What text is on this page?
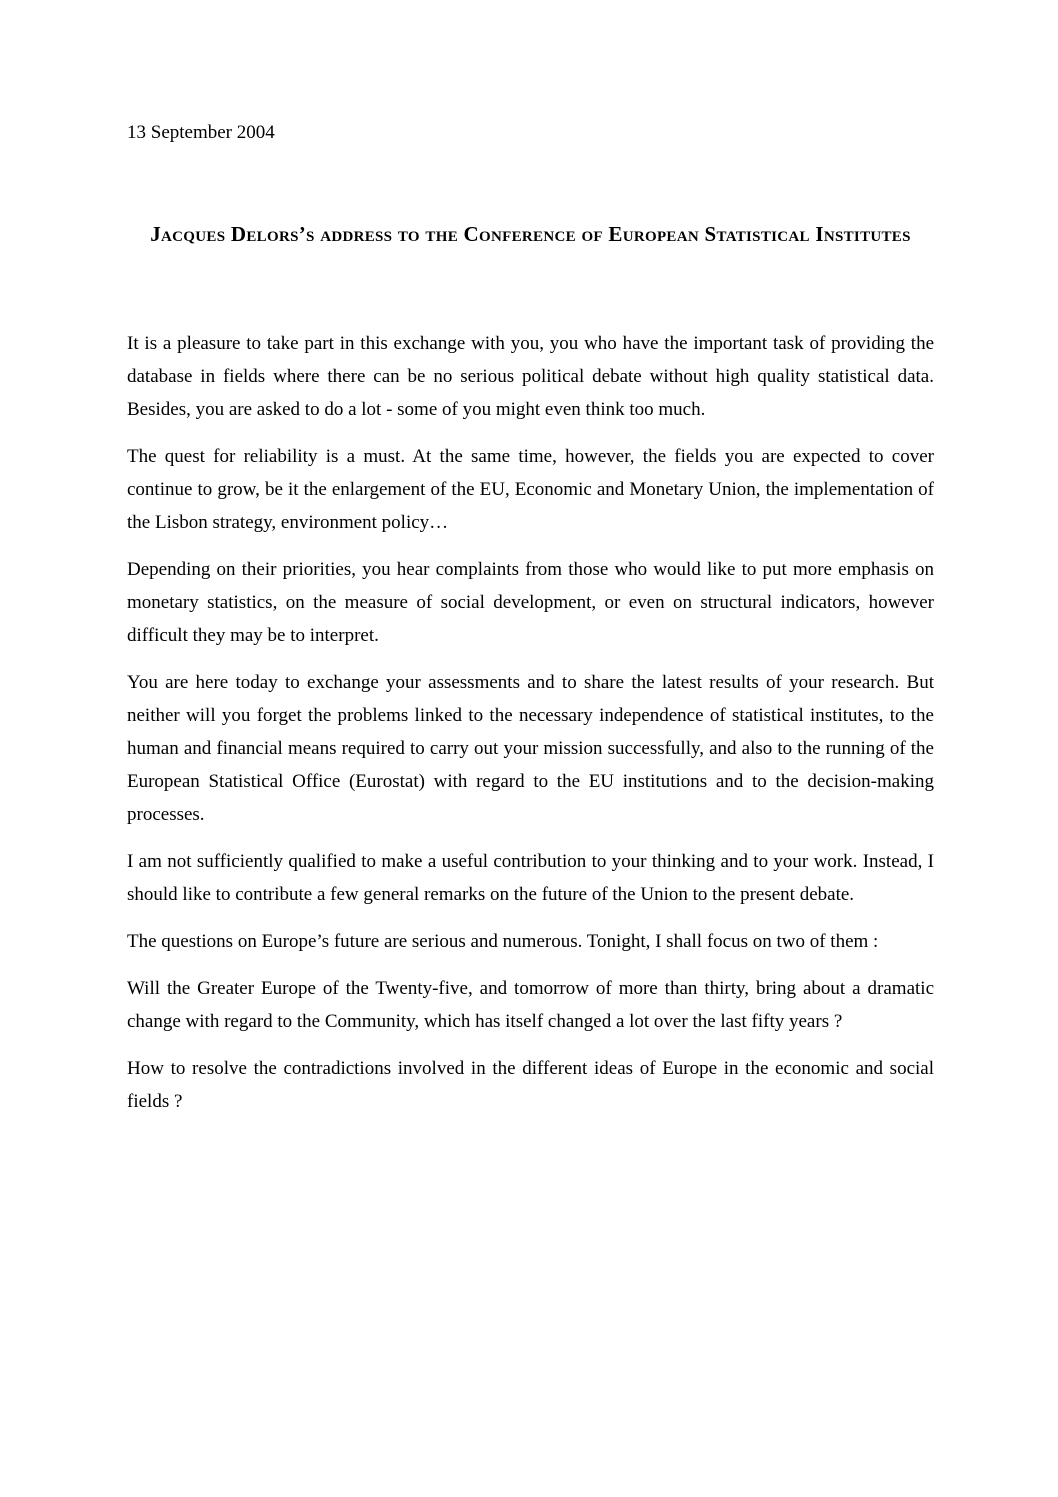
13 September 2004

Jacques Delors’s address to the Conference of European Statistical Institutes

It is a pleasure to take part in this exchange with you, you who have the important task of providing the database in fields where there can be no serious political debate without high quality statistical data. Besides, you are asked to do a lot - some of you might even think too much.

The quest for reliability is a must. At the same time, however, the fields you are expected to cover continue to grow, be it the enlargement of the EU, Economic and Monetary Union, the implementation of the Lisbon strategy, environment policy…

Depending on their priorities, you hear complaints from those who would like to put more emphasis on monetary statistics, on the measure of social development, or even on structural indicators, however difficult they may be to interpret.

You are here today to exchange your assessments and to share the latest results of your research. But neither will you forget the problems linked to the necessary independence of statistical institutes, to the human and financial means required to carry out your mission successfully, and also to the running of the European Statistical Office (Eurostat) with regard to the EU institutions and to the decision-making processes.

I am not sufficiently qualified to make a useful contribution to your thinking and to your work. Instead, I should like to contribute a few general remarks on the future of the Union to the present debate.

The questions on Europe’s future are serious and numerous. Tonight, I shall focus on two of them :

Will the Greater Europe of the Twenty-five, and tomorrow of more than thirty, bring about a dramatic change with regard to the Community, which has itself changed a lot over the last fifty years ?

How to resolve the contradictions involved in the different ideas of Europe in the economic and social fields ?
